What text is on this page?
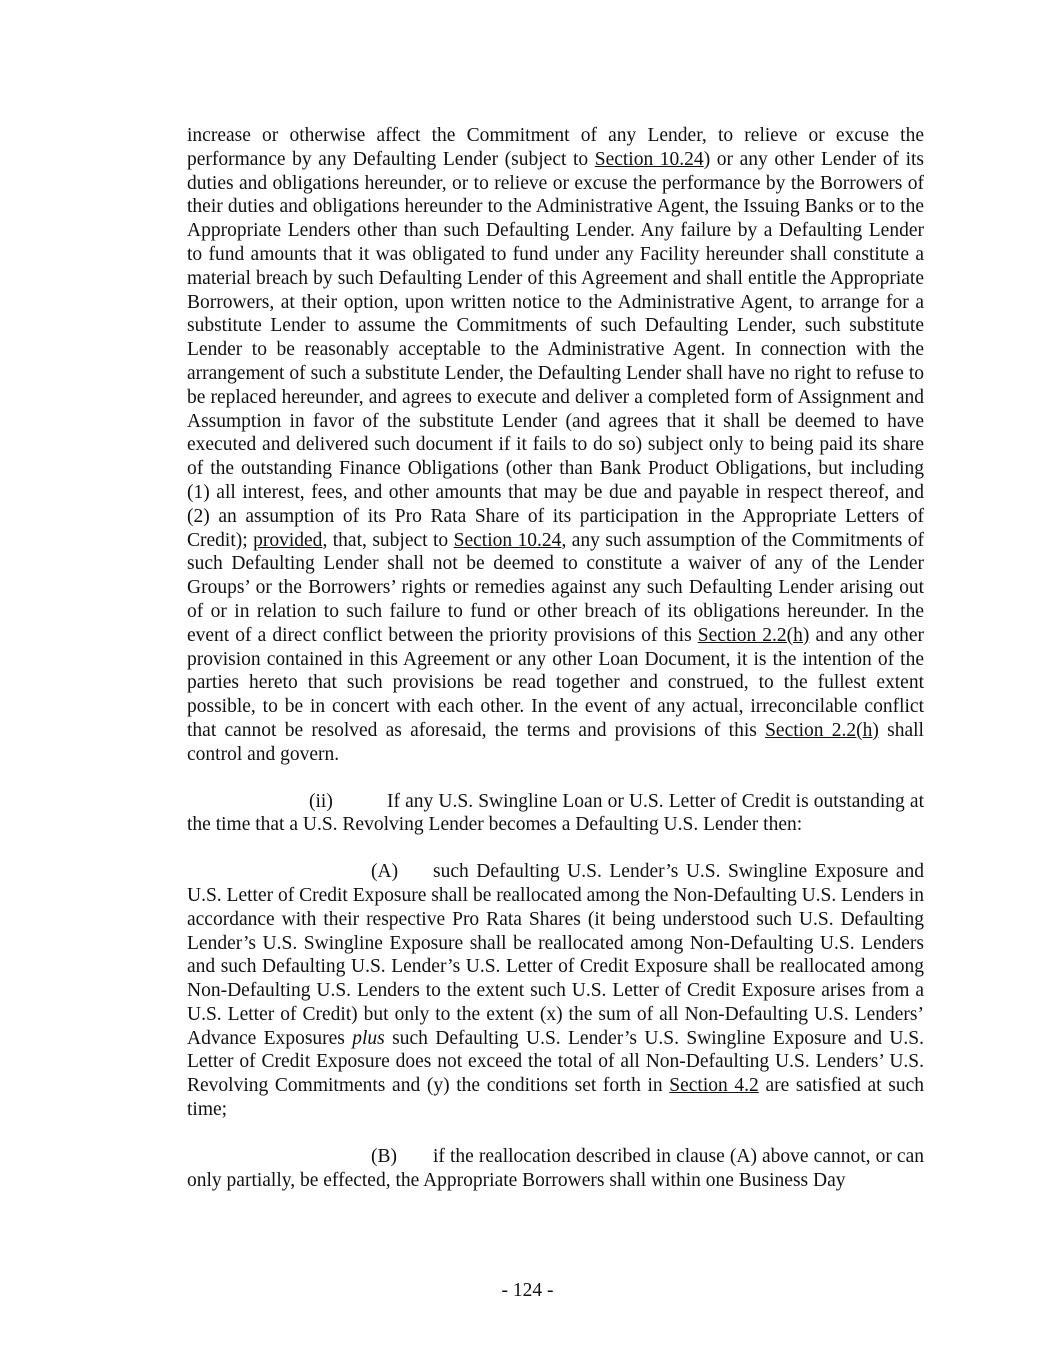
increase or otherwise affect the Commitment of any Lender, to relieve or excuse the performance by any Defaulting Lender (subject to Section 10.24) or any other Lender of its duties and obligations hereunder, or to relieve or excuse the performance by the Borrowers of their duties and obligations hereunder to the Administrative Agent, the Issuing Banks or to the Appropriate Lenders other than such Defaulting Lender. Any failure by a Defaulting Lender to fund amounts that it was obligated to fund under any Facility hereunder shall constitute a material breach by such Defaulting Lender of this Agreement and shall entitle the Appropriate Borrowers, at their option, upon written notice to the Administrative Agent, to arrange for a substitute Lender to assume the Commitments of such Defaulting Lender, such substitute Lender to be reasonably acceptable to the Administrative Agent. In connection with the arrangement of such a substitute Lender, the Defaulting Lender shall have no right to refuse to be replaced hereunder, and agrees to execute and deliver a completed form of Assignment and Assumption in favor of the substitute Lender (and agrees that it shall be deemed to have executed and delivered such document if it fails to do so) subject only to being paid its share of the outstanding Finance Obligations (other than Bank Product Obligations, but including (1) all interest, fees, and other amounts that may be due and payable in respect thereof, and (2) an assumption of its Pro Rata Share of its participation in the Appropriate Letters of Credit); provided, that, subject to Section 10.24, any such assumption of the Commitments of such Defaulting Lender shall not be deemed to constitute a waiver of any of the Lender Groups’ or the Borrowers’ rights or remedies against any such Defaulting Lender arising out of or in relation to such failure to fund or other breach of its obligations hereunder. In the event of a direct conflict between the priority provisions of this Section 2.2(h) and any other provision contained in this Agreement or any other Loan Document, it is the intention of the parties hereto that such provisions be read together and construed, to the fullest extent possible, to be in concert with each other. In the event of any actual, irreconcilable conflict that cannot be resolved as aforesaid, the terms and provisions of this Section 2.2(h) shall control and govern.

(ii)	If any U.S. Swingline Loan or U.S. Letter of Credit is outstanding at the time that a U.S. Revolving Lender becomes a Defaulting U.S. Lender then:

(A) such Defaulting U.S. Lender’s U.S. Swingline Exposure and U.S. Letter of Credit Exposure shall be reallocated among the Non-Defaulting U.S. Lenders in accordance with their respective Pro Rata Shares (it being understood such U.S. Defaulting Lender’s U.S. Swingline Exposure shall be reallocated among Non-Defaulting U.S. Lenders and such Defaulting U.S. Lender’s U.S. Letter of Credit Exposure shall be reallocated among Non-Defaulting U.S. Lenders to the extent such U.S. Letter of Credit Exposure arises from a U.S. Letter of Credit) but only to the extent (x) the sum of all Non-Defaulting U.S. Lenders’ Advance Exposures plus such Defaulting U.S. Lender’s U.S. Swingline Exposure and U.S. Letter of Credit Exposure does not exceed the total of all Non-Defaulting U.S. Lenders’ U.S. Revolving Commitments and (y) the conditions set forth in Section 4.2 are satisfied at such time;

(B) if the reallocation described in clause (A) above cannot, or can only partially, be effected, the Appropriate Borrowers shall within one Business Day

- 124 -
